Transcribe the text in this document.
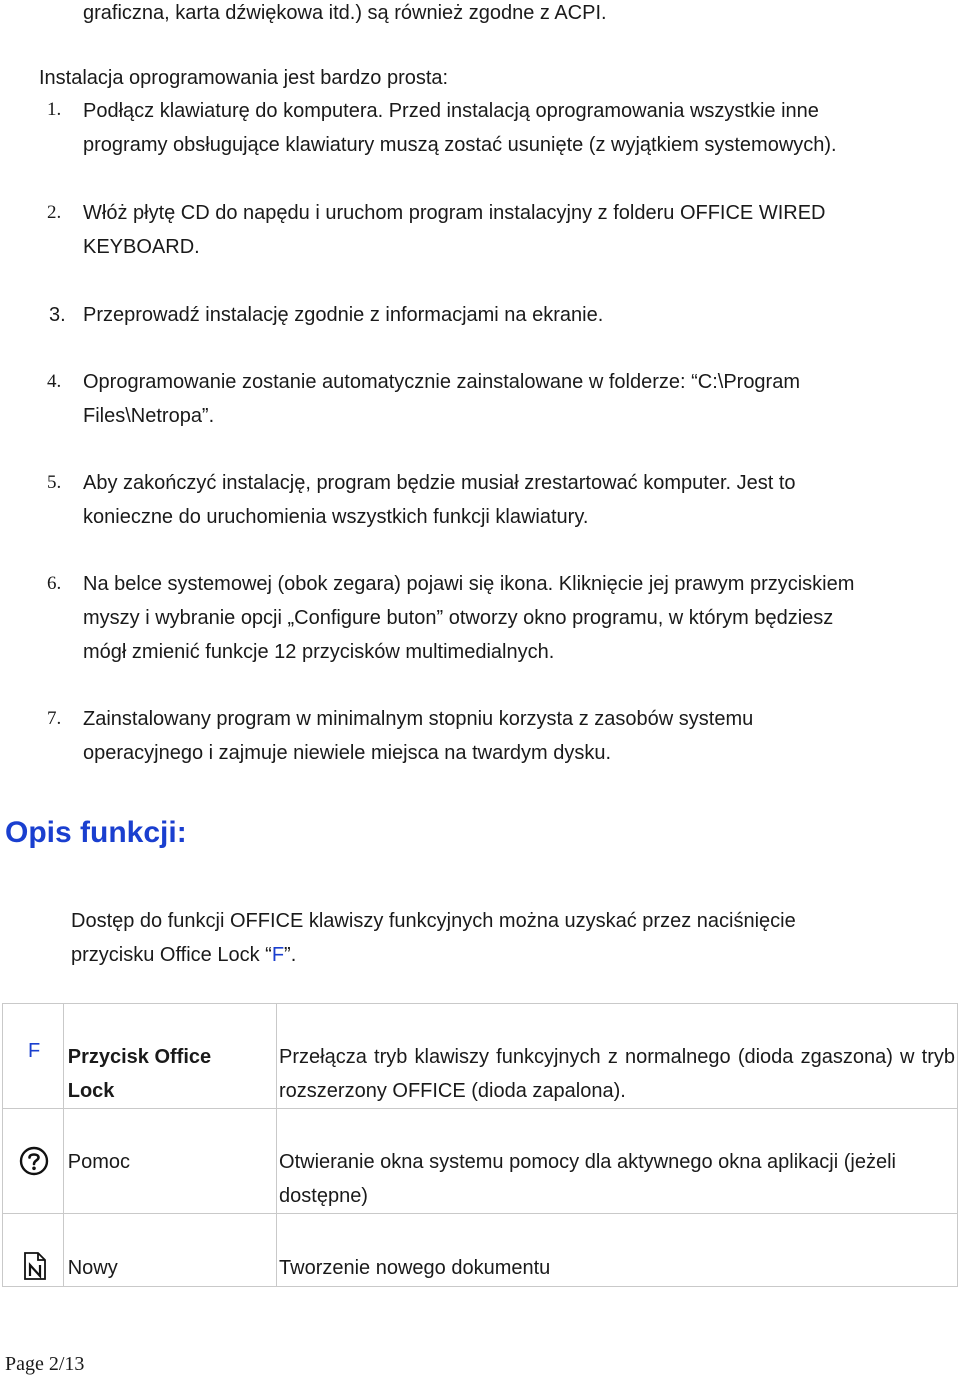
graficzna, karta dźwiękowa itd.) są również zgodne z ACPI.
Instalacja oprogramowania jest bardzo prosta:
1. Podłącz klawiaturę do komputera. Przed instalacją oprogramowania wszystkie inne
programy obsługujące klawiatury muszą zostać usunięte (z wyjątkiem systemowych).
2. Włóż płytę CD do napędu i uruchom program instalacyjny z folderu OFFICE WIRED
KEYBOARD.
3. Przeprowadź instalację zgodnie z informacjami na ekranie.
4. Oprogramowanie zostanie automatycznie zainstalowane w folderze: “C:\Program
Files\Netropa”.
5. Aby zakończyć instalację, program będzie musiał zrestartować komputer. Jest to
konieczne do uruchomienia wszystkich funkcji klawiatury.
6. Na belce systemowej (obok zegara) pojawi się ikona. Kliknięcie jej prawym przyciskiem
myszy i wybranie opcji „Configure buton” otworzy okno programu, w którym będziesz
mógł zmienić funkcje 12 przycisków multimedialnych.
7. Zainstalowany program w minimalnym stopniu korzysta z zasobów systemu
operacyjnego i zajmuje niewiele miejsca na twardym dysku.
Opis funkcji:
Dostęp do funkcji OFFICE klawiszy funkcyjnych można uzyskać przez naciśnięcie
przycisku Office Lock “F”.
F	Przycisk Office Lock	Przełącza tryb klawiszy funkcyjnych z normalnego (dioda zgaszona) w tryb rozszerzony OFFICE (dioda zapalona).

Pomoc	Otwieranie okna systemu pomocy dla aktywnego okna aplikacji (jeżeli dostępne)

Nowy	Tworzenie nowego dokumentu
Page 2/13
